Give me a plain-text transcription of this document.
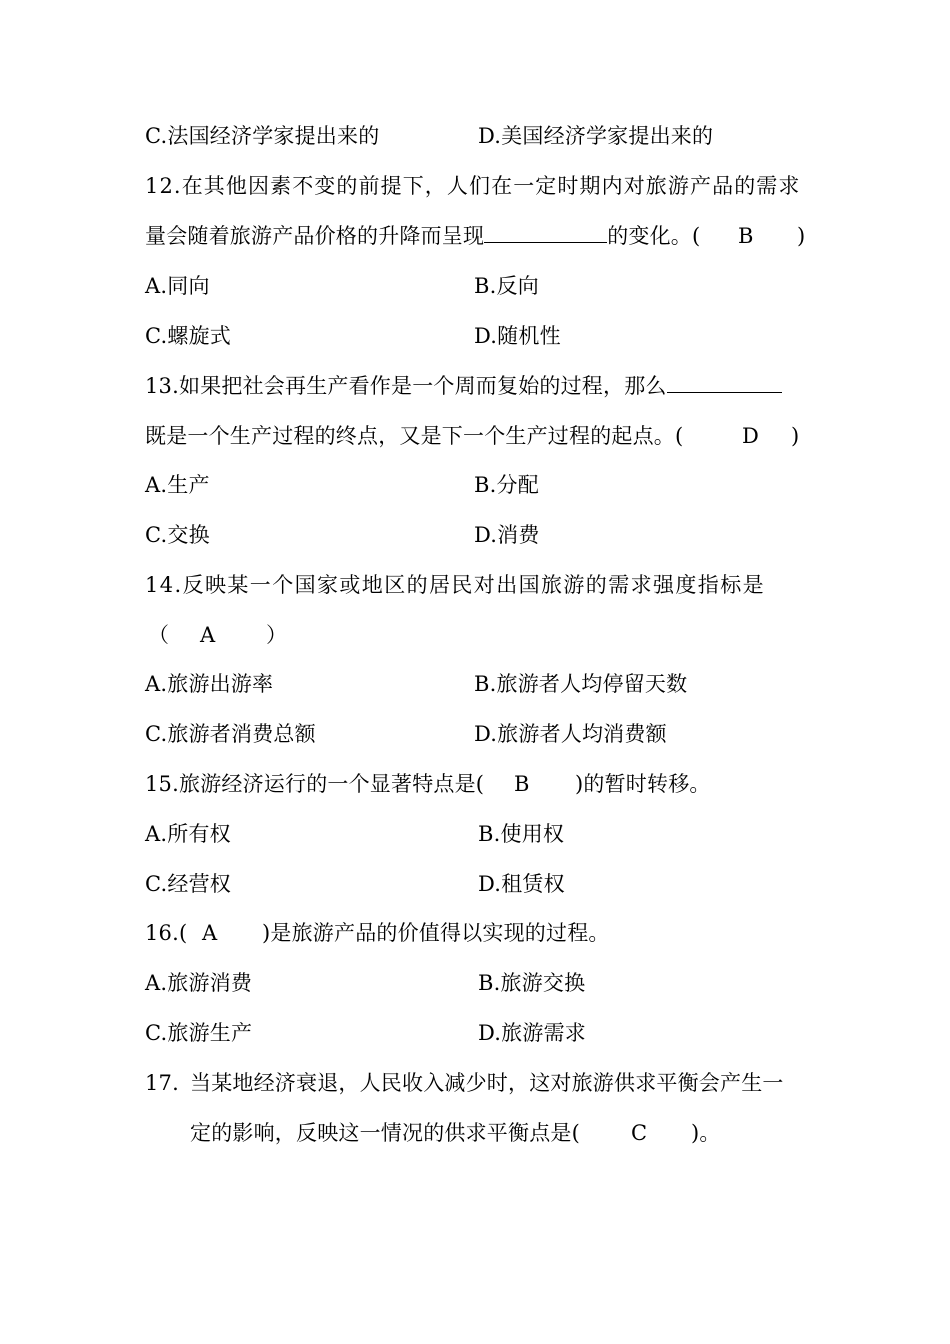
C.法国经济学家提出来的	D.美国经济学家提出来的
12.在其他因素不变的前提下，人们在一定时期内对旅游产品的需求
量会随着旅游产品价格的升降而呈现	的变化。( B )
A.同向	B.反向
C.螺旋式	D.随机性
13.如果把社会再生产看作是一个周而复始的过程，那么
既是一个生产过程的终点，又是下一个生产过程的起点。(	D )
A.生产	B.分配
C.交换	D.消费
14.反映某一个国家或地区的居民对出国旅游的需求强度指标是
（ A ）
A.旅游出游率	B.旅游者人均停留天数
C.旅游者消费总额	D.旅游者人均消费额
15.旅游经济运行的一个显著特点是( B )的暂时转移。
A.所有权	B.使用权
C.经营权	D.租赁权
16.( A )是旅游产品的价值得以实现的过程。
A.旅游消费	B.旅游交换
C.旅游生产	D.旅游需求
17. 当某地经济衰退，人民收入减少时，这对旅游供求平衡会产生一
定的影响，反映这一情况的供求平衡点是( C )。
